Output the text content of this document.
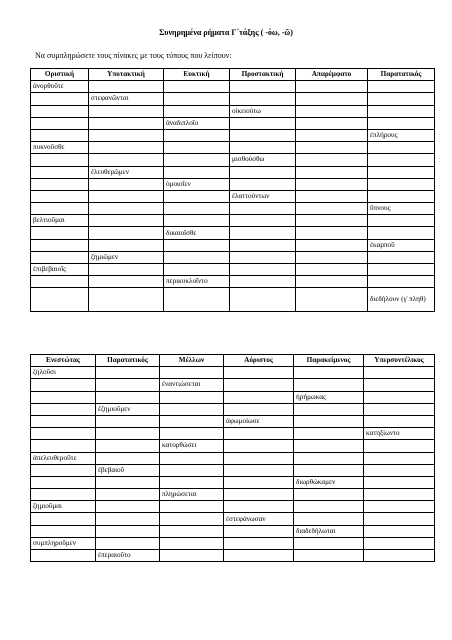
Συνηρημένα ρήματα Γ΄τάξης ( -όω, -ῶ)
Να συμπληρώσετε τους πίνακες με τους τύπους που λείπουν:
Οριστική	Υποτακτική	Ευκτική	Προστακτική	Απαρέμφατο	Παρατατικός
ἀνορθοῦτε					
	στεφανῶνται				
			οἰκειούτω		
		ἀναδιπλοῖο			
					ἐπλήρους
πυκνοῦσθε					
			μισθούσθω		
	ἐλευθερῶμεν				
		ὁμοιοῖεν			
			ἐλαττούντων		
					ὕπνους
βελτιοῦμαι					
		δικαιοῖσθε			
					ἐκαρποῦ
	ζημιῶμεν				
ἐπιβεβαιοῖς					
		περικυκλοῖντο			
					διεδήλουν (γ΄πληθ)
Ενεστώτας	Παρατατικός	Μέλλων	Αόριστος	Παρακείμενος	Υπερσυντέλικος
ζηλοῦσι					
		ἐναντιώσεται			
				ἠρήμωκας	
	ἐζημιοῦμεν				
			ἀφωμοίωσε		
					κατηξίωντο
		κατορθώσει			
ἀπελευθεροῦτε					
	ἐβεβαιοῦ				
				διωρθώκαμεν	
		πληρώσεται			
ζημιοῦμαι					
			ἐστεφάνωσαν		
				διαδεδήλωται	
συμπληροῦμεν					
	ἐπεραιοῦτο				
